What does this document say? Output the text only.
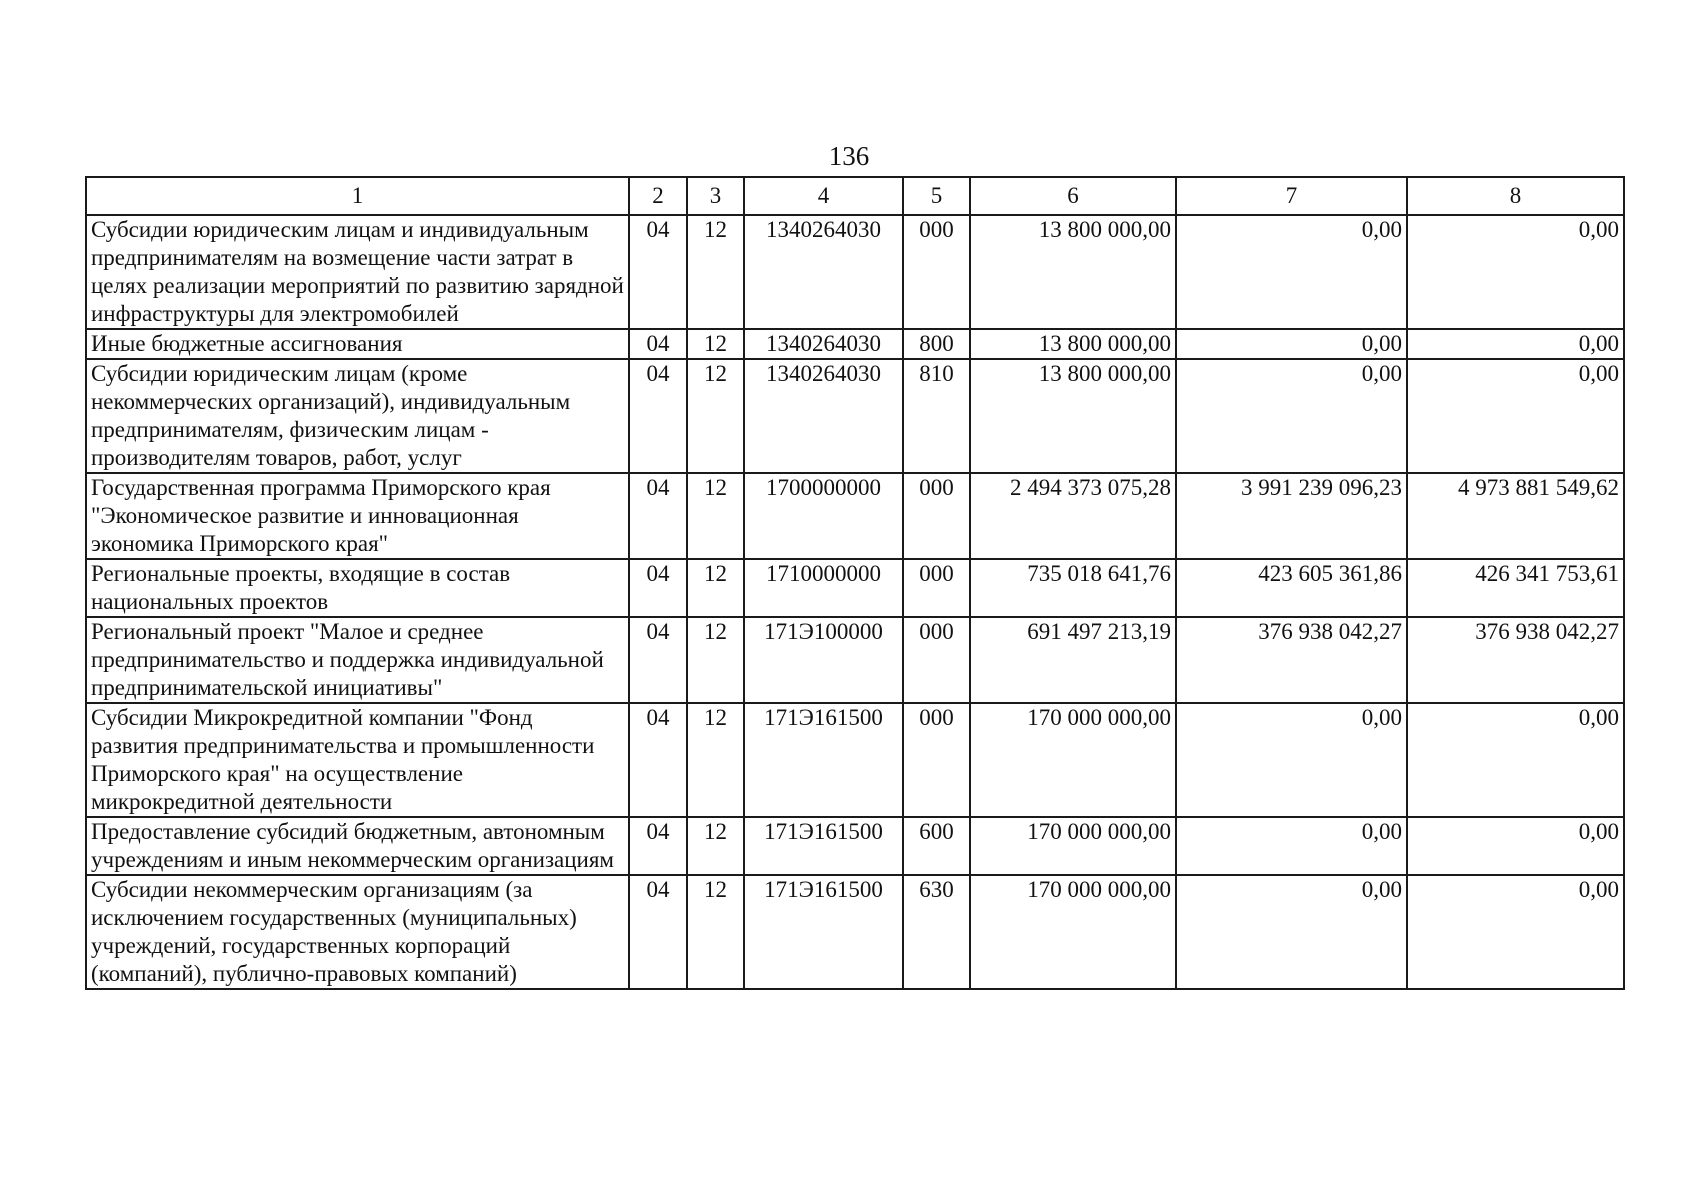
136
1	2	3	4	5	6	7	8
Субсидии юридическим лицам и индивидуальным предпринимателям на возмещение части затрат в целях реализации мероприятий по развитию зарядной инфраструктуры для электромобилей	04	12	1340264030	000	13 800 000,00	0,00	0,00
Иные бюджетные ассигнования	04	12	1340264030	800	13 800 000,00	0,00	0,00
Субсидии юридическим лицам (кроме некоммерческих организаций), индивидуальным предпринимателям, физическим лицам - производителям товаров, работ, услуг	04	12	1340264030	810	13 800 000,00	0,00	0,00
Государственная программа Приморского края "Экономическое развитие и инновационная экономика Приморского края"	04	12	1700000000	000	2 494 373 075,28	3 991 239 096,23	4 973 881 549,62
Региональные проекты, входящие в состав национальных проектов	04	12	1710000000	000	735 018 641,76	423 605 361,86	426 341 753,61
Региональный проект "Малое и среднее предпринимательство и поддержка индивидуальной предпринимательской инициативы"	04	12	171Э100000	000	691 497 213,19	376 938 042,27	376 938 042,27
Субсидии Микрокредитной компании "Фонд развития предпринимательства и промышленности Приморского края" на осуществление микрокредитной деятельности	04	12	171Э161500	000	170 000 000,00	0,00	0,00
Предоставление субсидий бюджетным, автономным учреждениям и иным некоммерческим организациям	04	12	171Э161500	600	170 000 000,00	0,00	0,00
Субсидии некоммерческим организациям (за исключением государственных (муниципальных) учреждений, государственных корпораций (компаний), публично-правовых компаний)	04	12	171Э161500	630	170 000 000,00	0,00	0,00
